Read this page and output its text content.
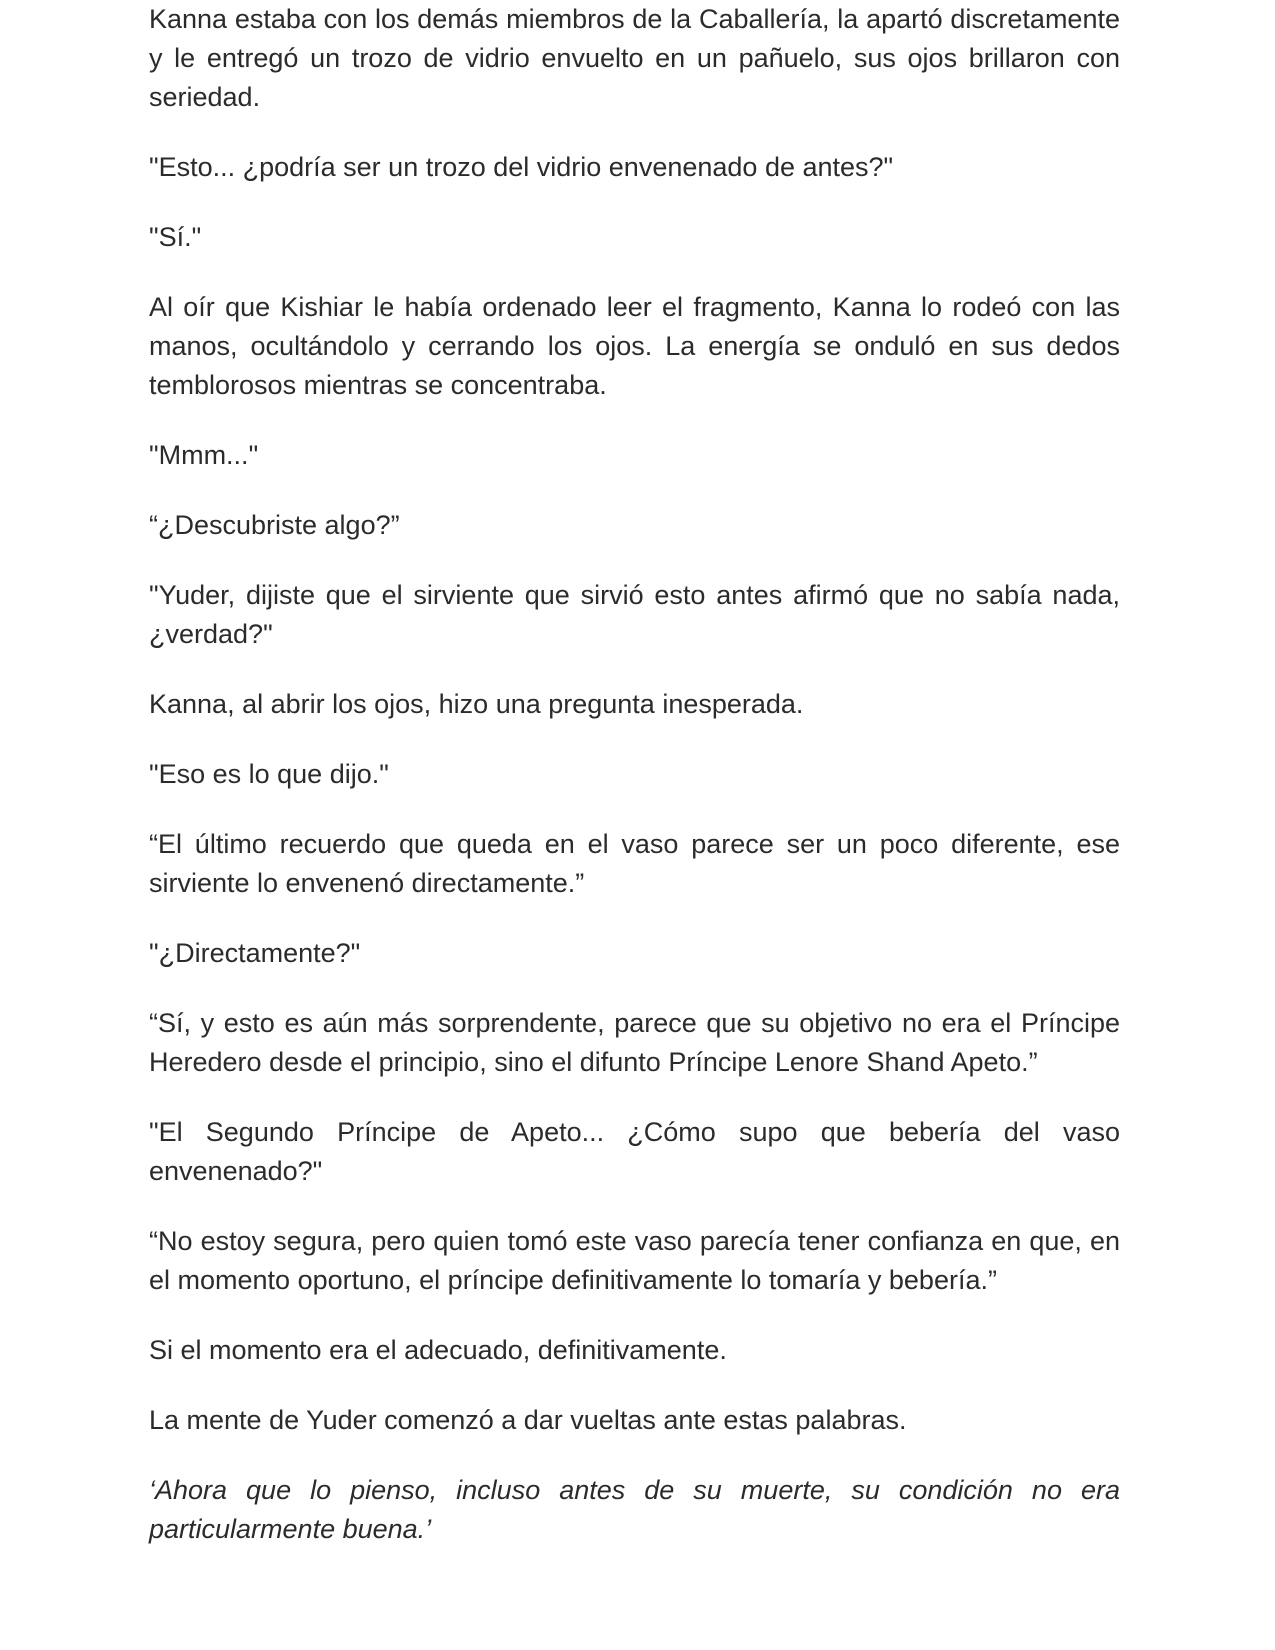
Kanna estaba con los demás miembros de la Caballería, la apartó discretamente y le entregó un trozo de vidrio envuelto en un pañuelo, sus ojos brillaron con seriedad.

"Esto... ¿podría ser un trozo del vidrio envenenado de antes?"

"Sí."

Al oír que Kishiar le había ordenado leer el fragmento, Kanna lo rodeó con las manos, ocultándolo y cerrando los ojos. La energía se onduló en sus dedos temblorosos mientras se concentraba.

"Mmm..."

“¿Descubriste algo?”

"Yuder, dijiste que el sirviente que sirvió esto antes afirmó que no sabía nada, ¿verdad?"

Kanna, al abrir los ojos, hizo una pregunta inesperada.

"Eso es lo que dijo."

“El último recuerdo que queda en el vaso parece ser un poco diferente, ese sirviente lo envenenó directamente.”

"¿Directamente?"

“Sí, y esto es aún más sorprendente, parece que su objetivo no era el Príncipe Heredero desde el principio, sino el difunto Príncipe Lenore Shand Apeto.”

"El Segundo Príncipe de Apeto... ¿Cómo supo que bebería del vaso envenenado?"

“No estoy segura, pero quien tomó este vaso parecía tener confianza en que, en el momento oportuno, el príncipe definitivamente lo tomaría y bebería.”

Si el momento era el adecuado, definitivamente.

La mente de Yuder comenzó a dar vueltas ante estas palabras.

‘Ahora que lo pienso, incluso antes de su muerte, su condición no era particularmente buena.’
